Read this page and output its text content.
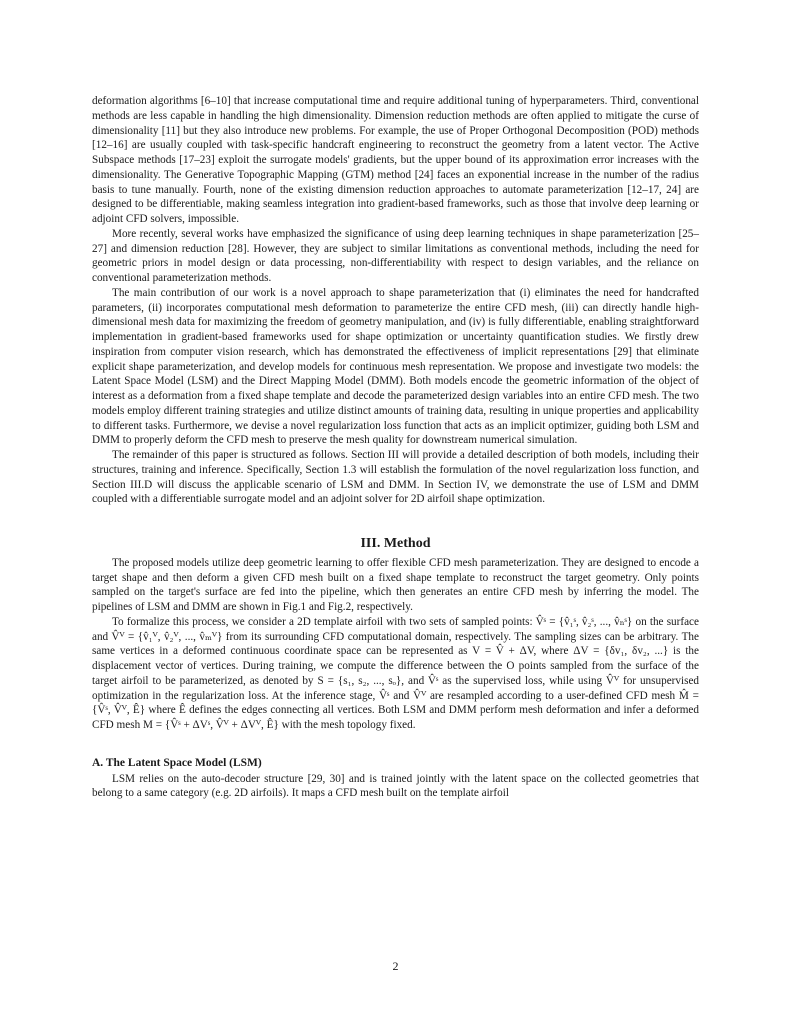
deformation algorithms [6–10] that increase computational time and require additional tuning of hyperparameters. Third, conventional methods are less capable in handling the high dimensionality. Dimension reduction methods are often applied to mitigate the curse of dimensionality [11] but they also introduce new problems. For example, the use of Proper Orthogonal Decomposition (POD) methods [12–16] are usually coupled with task-specific handcraft engineering to reconstruct the geometry from a latent vector. The Active Subspace methods [17–23] exploit the surrogate models' gradients, but the upper bound of its approximation error increases with the dimensionality. The Generative Topographic Mapping (GTM) method [24] faces an exponential increase in the number of the radius basis to tune manually. Fourth, none of the existing dimension reduction approaches to automate parameterization [12–17, 24] are designed to be differentiable, making seamless integration into gradient-based frameworks, such as those that involve deep learning or adjoint CFD solvers, impossible.

More recently, several works have emphasized the significance of using deep learning techniques in shape parameterization [25–27] and dimension reduction [28]. However, they are subject to similar limitations as conventional methods, including the need for geometric priors in model design or data processing, non-differentiability with respect to design variables, and the reliance on conventional parameterization methods.

The main contribution of our work is a novel approach to shape parameterization that (i) eliminates the need for handcrafted parameters, (ii) incorporates computational mesh deformation to parameterize the entire CFD mesh, (iii) can directly handle high-dimensional mesh data for maximizing the freedom of geometry manipulation, and (iv) is fully differentiable, enabling straightforward implementation in gradient-based frameworks used for shape optimization or uncertainty quantification studies. We firstly drew inspiration from computer vision research, which has demonstrated the effectiveness of implicit representations [29] that eliminate explicit shape parameterization, and develop models for continuous mesh representation. We propose and investigate two models: the Latent Space Model (LSM) and the Direct Mapping Model (DMM). Both models encode the geometric information of the object of interest as a deformation from a fixed shape template and decode the parameterized design variables into an entire CFD mesh. The two models employ different training strategies and utilize distinct amounts of training data, resulting in unique properties and applicability to different tasks. Furthermore, we devise a novel regularization loss function that acts as an implicit optimizer, guiding both LSM and DMM to properly deform the CFD mesh to preserve the mesh quality for downstream numerical simulation.

The remainder of this paper is structured as follows. Section III will provide a detailed description of both models, including their structures, training and inference. Specifically, Section 1.3 will establish the formulation of the novel regularization loss function, and Section III.D will discuss the applicable scenario of LSM and DMM. In Section IV, we demonstrate the use of LSM and DMM coupled with a differentiable surrogate model and an adjoint solver for 2D airfoil shape optimization.

III. Method

The proposed models utilize deep geometric learning to offer flexible CFD mesh parameterization. They are designed to encode a target shape and then deform a given CFD mesh built on a fixed shape template to reconstruct the target geometry. Only points sampled on the target's surface are fed into the pipeline, which then generates an entire CFD mesh by inferring the model. The pipelines of LSM and DMM are shown in Fig.1 and Fig.2, respectively.

To formalize this process, we consider a 2D template airfoil with two sets of sampled points: V̂ˢ = {v̂₁ˢ, v̂₂ˢ, ..., v̂ₙˢ} on the surface and V̂ⱽ = {v̂₁ⱽ, v̂₂ⱽ, ..., v̂ₘⱽ} from its surrounding CFD computational domain, respectively. The sampling sizes can be arbitrary. The same vertices in a deformed continuous coordinate space can be represented as V = V̂ + ΔV, where ΔV = {δv₁, δv₂, ...} is the displacement vector of vertices. During training, we compute the difference between the O points sampled from the surface of the target airfoil to be parameterized, as denoted by S = {s₁, s₂, ..., sₒ}, and V̂ˢ as the supervised loss, while using V̂ⱽ for unsupervised optimization in the regularization loss. At the inference stage, V̂ˢ and V̂ⱽ are resampled according to a user-defined CFD mesh M̂ = {V̂ˢ, V̂ⱽ, Ê} where Ê defines the edges connecting all vertices. Both LSM and DMM perform mesh deformation and infer a deformed CFD mesh M = {V̂ˢ + ΔVˢ, V̂ⱽ + ΔVⱽ, Ê} with the mesh topology fixed.

A. The Latent Space Model (LSM)

LSM relies on the auto-decoder structure [29, 30] and is trained jointly with the latent space on the collected geometries that belong to a same category (e.g. 2D airfoils). It maps a CFD mesh built on the template airfoil

2
